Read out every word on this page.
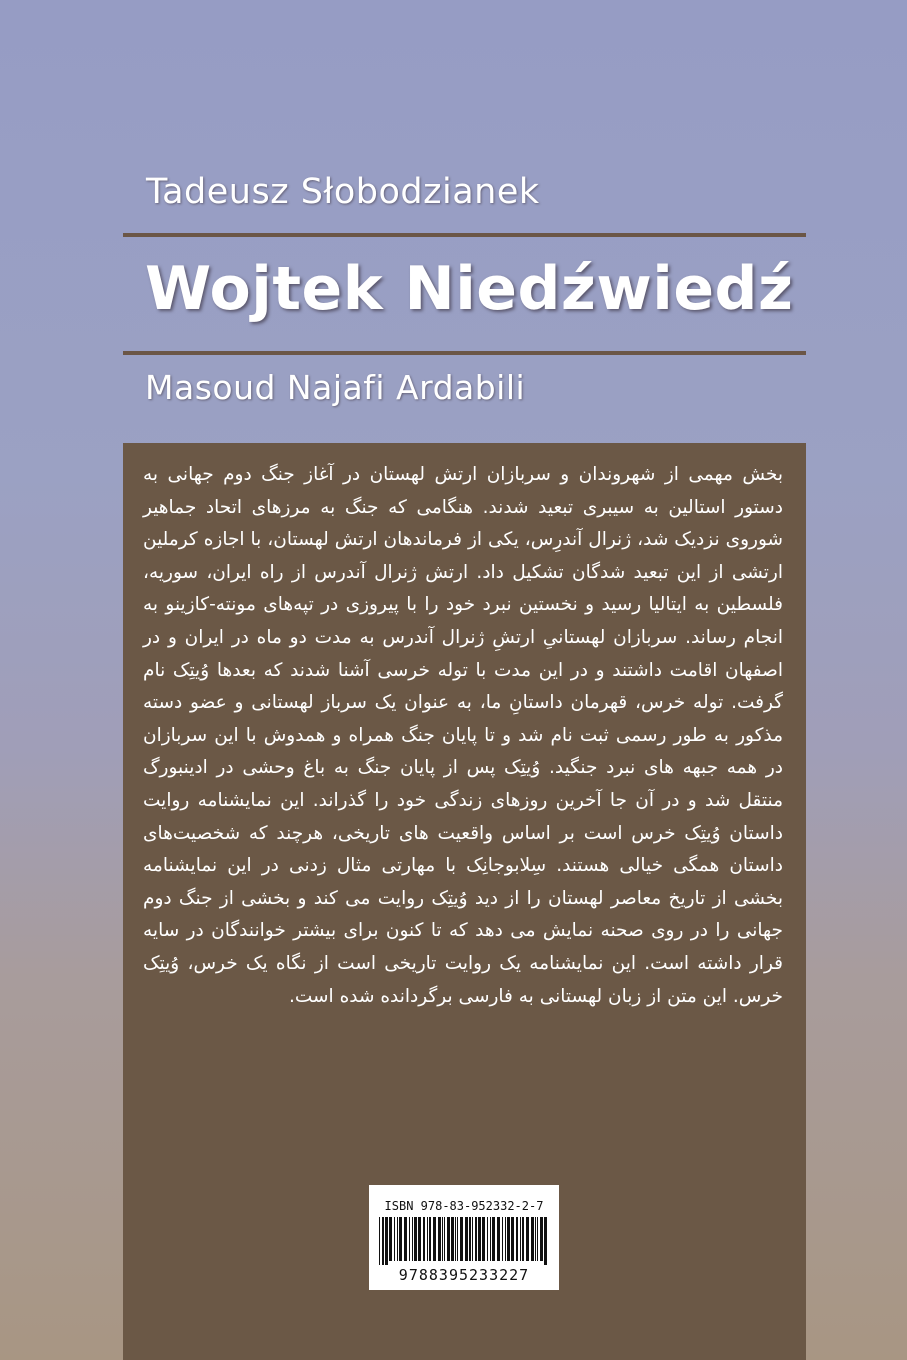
Tadeusz Słobodzianek
Wojtek Niedźwiedź
Masoud Najafi Ardabili

بخش مهمی از شهروندان و سربازان ارتش لهستان در آغاز جنگ دوم جهانی به دستور استالین به سیبری تبعید شدند. هنگامی که جنگ به مرزهای اتحاد جماهیر شوروی نزدیک شد، ژنرال آندرِس، یکی از فرماندهان ارتش لهستان، با اجازه کرملین ارتشی از این تبعید شدگان تشکیل داد. ارتش ژنرال آندرس از راه ایران، سوریه، فلسطین به ایتالیا رسید و نخستین نبرد خود را با پیروزی در تپه‌های مونته-کازینو به انجام رساند. سربازان لهستانیِ ارتشِ ژنرال آندرس به مدت دو ماه در ایران و در اصفهان اقامت داشتند و در این مدت با توله خرسی آشنا شدند که بعدها وُیتِک نام گرفت. توله خرس، قهرمان داستانِ ما، به عنوان یک سرباز لهستانی و عضو دسته مذکور به طور رسمی ثبت نام شد و تا پایان جنگ همراه و همدوش با این سربازان در همه جبهه های نبرد جنگید. وُیتِک پس از پایان جنگ به باغ وحشی در ادینبورگ منتقل شد و در آن جا آخرین روزهای زندگی خود را گذراند. این نمایشنامه روایت داستان وُیتِک خرس است بر اساس واقعیت های تاریخی، هرچند که شخصیت‌های داستان همگی خیالی هستند. سِلابوجانِک با مهارتی مثال زدنی در این نمایشنامه بخشی از تاریخ معاصر لهستان را از دید وُیتِک روایت می کند و بخشی از جنگ دوم جهانی را در روی صحنه نمایش می دهد که تا کنون برای بیشتر خوانندگان در سایه قرار داشته است. این نمایشنامه یک روایت تاریخی است از نگاه یک خرس، وُیتِک خرس. این متن از زبان لهستانی به فارسی برگردانده شده است.

ISBN 978-83-952332-2-7
9788395233227
